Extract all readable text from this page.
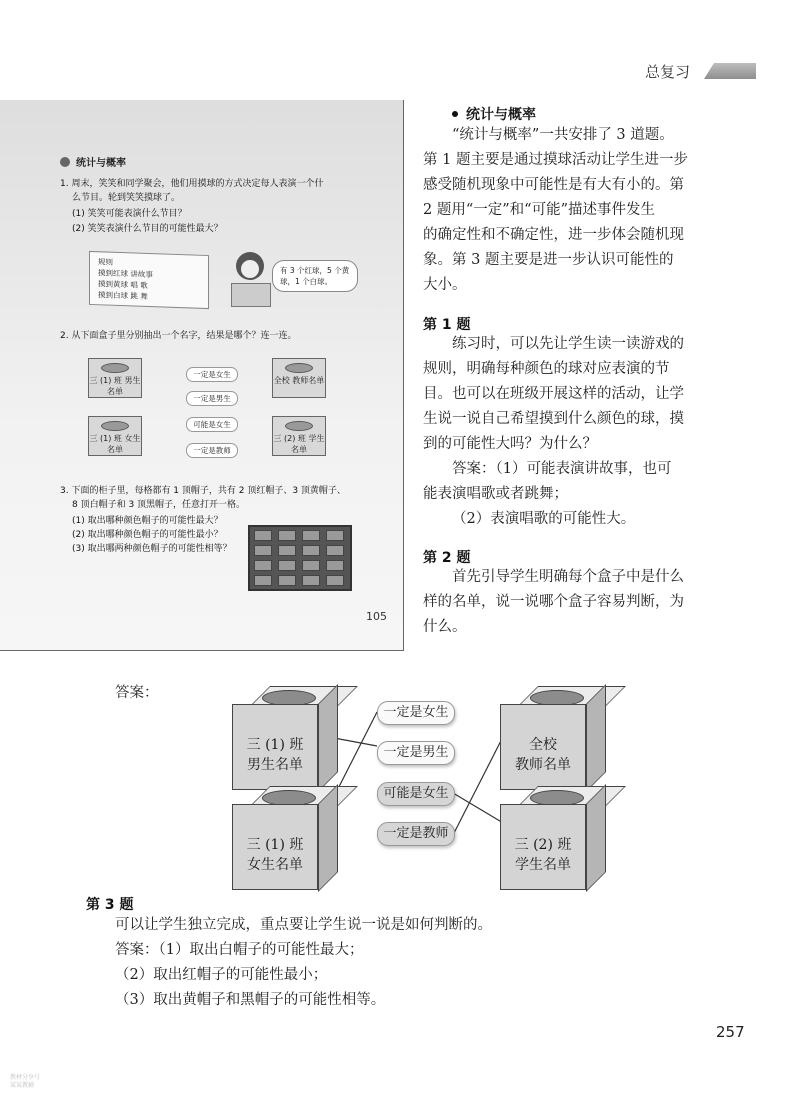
总复习
统计与概率
1. 周末，笑笑和同学聚会，他们用摸球的方式决定每人表演一个什
么节目。轮到笑笑摸球了。
(1) 笑笑可能表演什么节目？
(2) 笑笑表演什么节目的可能性最大？
规则
摸到红球 讲故事
摸到黄球 唱 歌
摸到白球 跳 舞
有 3 个红球，5 个黄球，1 个白球。
2. 从下面盒子里分别抽出一个名字，结果是哪个？连一连。
三 (1) 班 男生名单
三 (1) 班 女生名单
全校 教师名单
三 (2) 班 学生名单
一定是女生
一定是男生
可能是女生
一定是教师
3. 下面的柜子里，每格都有 1 顶帽子，共有 2 顶红帽子、3 顶黄帽子、
8 顶白帽子和 3 顶黑帽子，任意打开一格。
(1) 取出哪种颜色帽子的可能性最大？
(2) 取出哪种颜色帽子的可能性最小？
(3) 取出哪两种颜色帽子的可能性相等？
105
统计与概率
“统计与概率”一共安排了 3 道题。
第 1 题主要是通过摸球活动让学生进一步
感受随机现象中可能性是有大有小的。第
2 题用“一定”和“可能”描述事件发生
的确定性和不确定性，进一步体会随机现
象。第 3 题主要是进一步认识可能性的
大小。
第 1 题
练习时，可以先让学生读一读游戏的
规则，明确每种颜色的球对应表演的节
目。也可以在班级开展这样的活动，让学
生说一说自己希望摸到什么颜色的球，摸
到的可能性大吗？为什么？
答案：（1）可能表演讲故事，也可
能表演唱歌或者跳舞；
（2）表演唱歌的可能性大。
第 2 题
首先引导学生明确每个盒子中是什么
样的名单，说一说哪个盒子容易判断，为
什么。
答案：
三 (1) 班
男生名单
三 (1) 班
女生名单
全校
教师名单
三 (2) 班
学生名单
一定是女生
一定是男生
可能是女生
一定是教师
第 3 题
可以让学生独立完成，重点要让学生说一说是如何判断的。
答案：（1）取出白帽子的可能性最大；
（2）取出红帽子的可能性最小；
（3）取出黄帽子和黑帽子的可能性相等。
257
教材分享号
某某教辅
